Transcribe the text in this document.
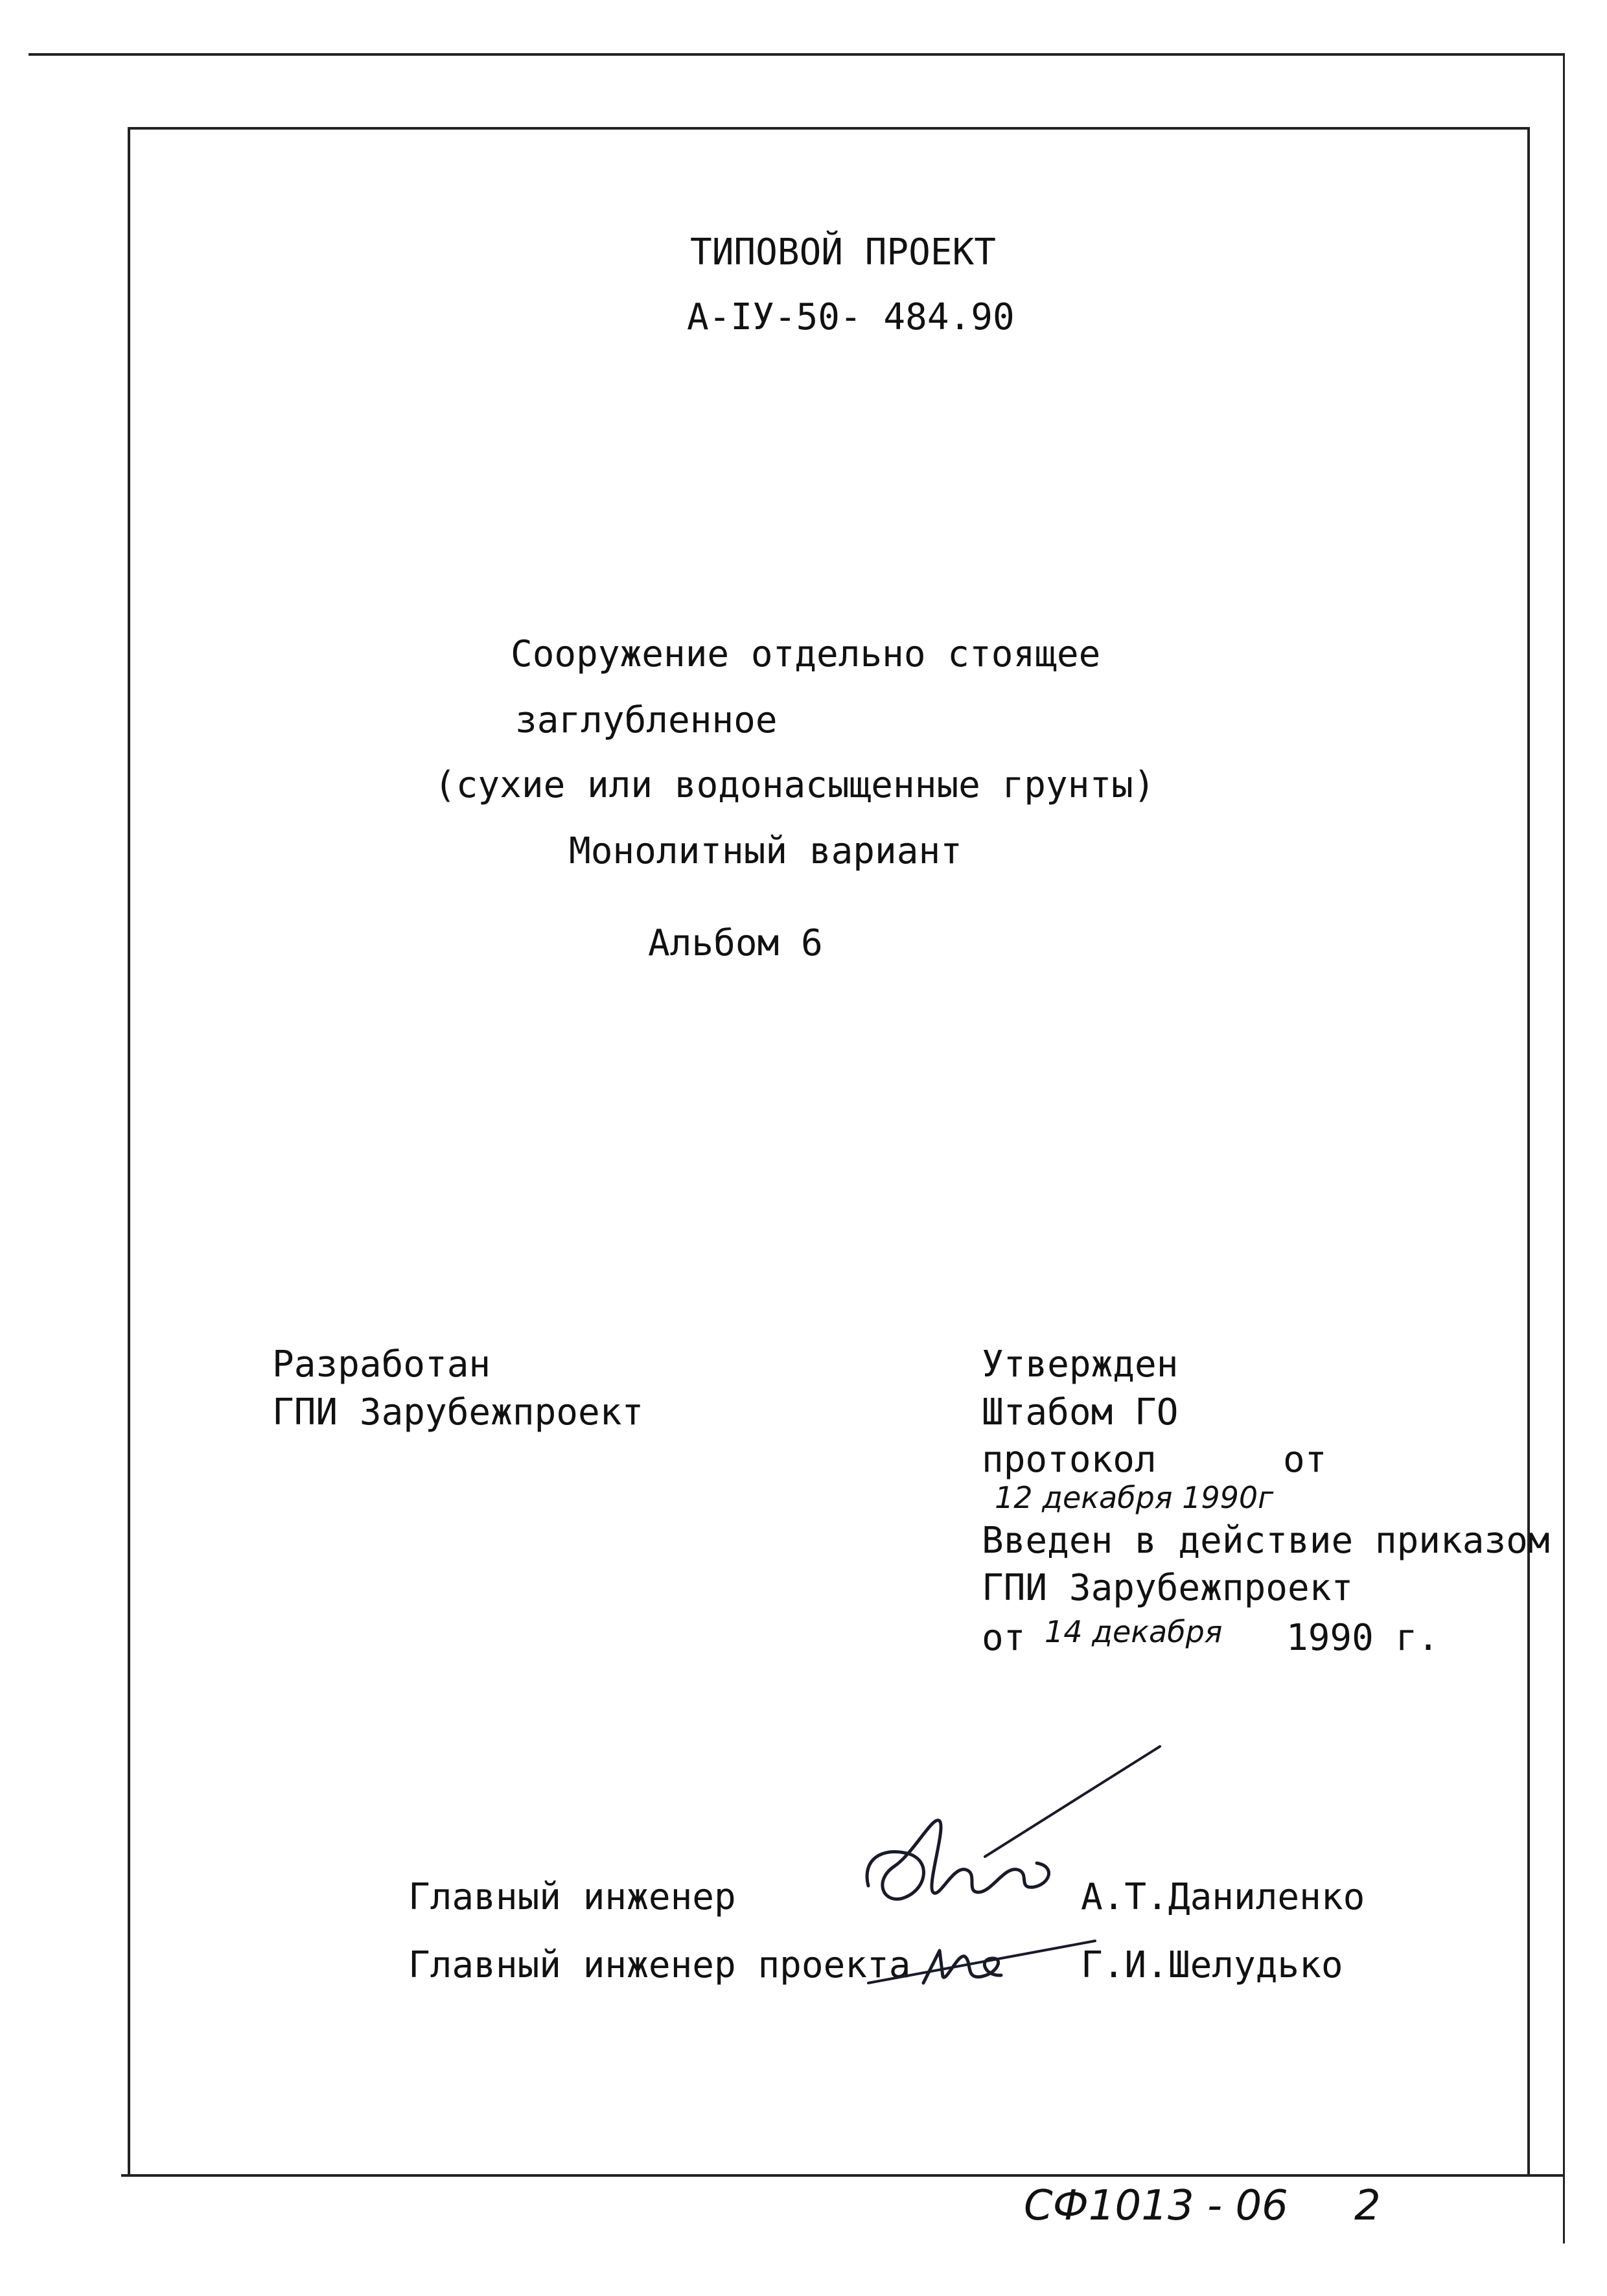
ТИПОВОЙ ПРОЕКТ
А-IУ-50- 484.90
Сооружение отдельно стоящее
заглубленное
(сухие или водонасыщенные грунты)
Монолитный вариант
Альбом 6
Разработан
ГПИ Зарубежпроект
Утвержден
Штабом ГО
протокол	от
12 декабря 1990г
Введен в действие приказом
ГПИ Зарубежпроект
от 14 декабря 1990 г.
Главный инженер	А.Т.Даниленко
Главный инженер проекта	Г.И.Шелудько
СФ1013 - 06 2
